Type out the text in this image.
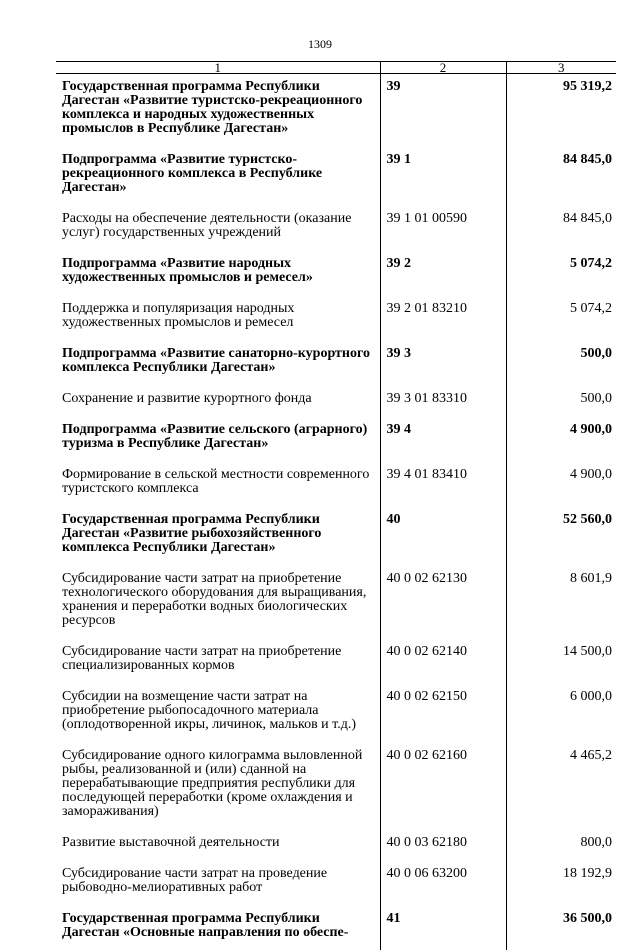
1309
1	2	3
Государственная программа Республики Дагестан «Развитие туристско-рекреационного комплекса и народных художественных промыслов в Республике Дагестан»	39	95 319,2
Подпрограмма «Развитие туристско-рекреационного комплекса в Республике Дагестан»	39 1	84 845,0
Расходы на обеспечение деятельности (оказание услуг) государственных учреждений	39 1 01 00590	84 845,0
Подпрограмма «Развитие народных художественных промыслов и ремесел»	39 2	5 074,2
Поддержка и популяризация народных художественных промыслов и ремесел	39 2 01 83210	5 074,2
Подпрограмма «Развитие санаторно-курортного комплекса Республики Дагестан»	39 3	500,0
Сохранение и развитие курортного фонда	39 3 01 83310	500,0
Подпрограмма «Развитие сельского (аграрного) туризма в Республике Дагестан»	39 4	4 900,0
Формирование в сельской местности современного туристского комплекса	39 4 01 83410	4 900,0
Государственная программа Республики Дагестан «Развитие рыбохозяйственного комплекса Республики Дагестан»	40	52 560,0
Субсидирование части затрат на приобретение технологического оборудования для выращивания, хранения и переработки водных биологических ресурсов	40 0 02 62130	8 601,9
Субсидирование части затрат на приобретение специализированных кормов	40 0 02 62140	14 500,0
Субсидии на возмещение части затрат на приобретение рыбопосадочного материала (оплодотворенной икры, личинок, мальков и т.д.)	40 0 02 62150	6 000,0
Субсидирование одного килограмма выловленной рыбы, реализованной и (или) сданной на перерабатывающие предприятия республики для последующей переработки (кроме охлаждения и замораживания)	40 0 02 62160	4 465,2
Развитие выставочной деятельности	40 0 03 62180	800,0
Субсидирование части затрат на проведение рыбоводно-мелиоративных работ	40 0 06 63200	18 192,9
Государственная программа Республики Дагестан «Основные направления по обеспе-	41	36 500,0
